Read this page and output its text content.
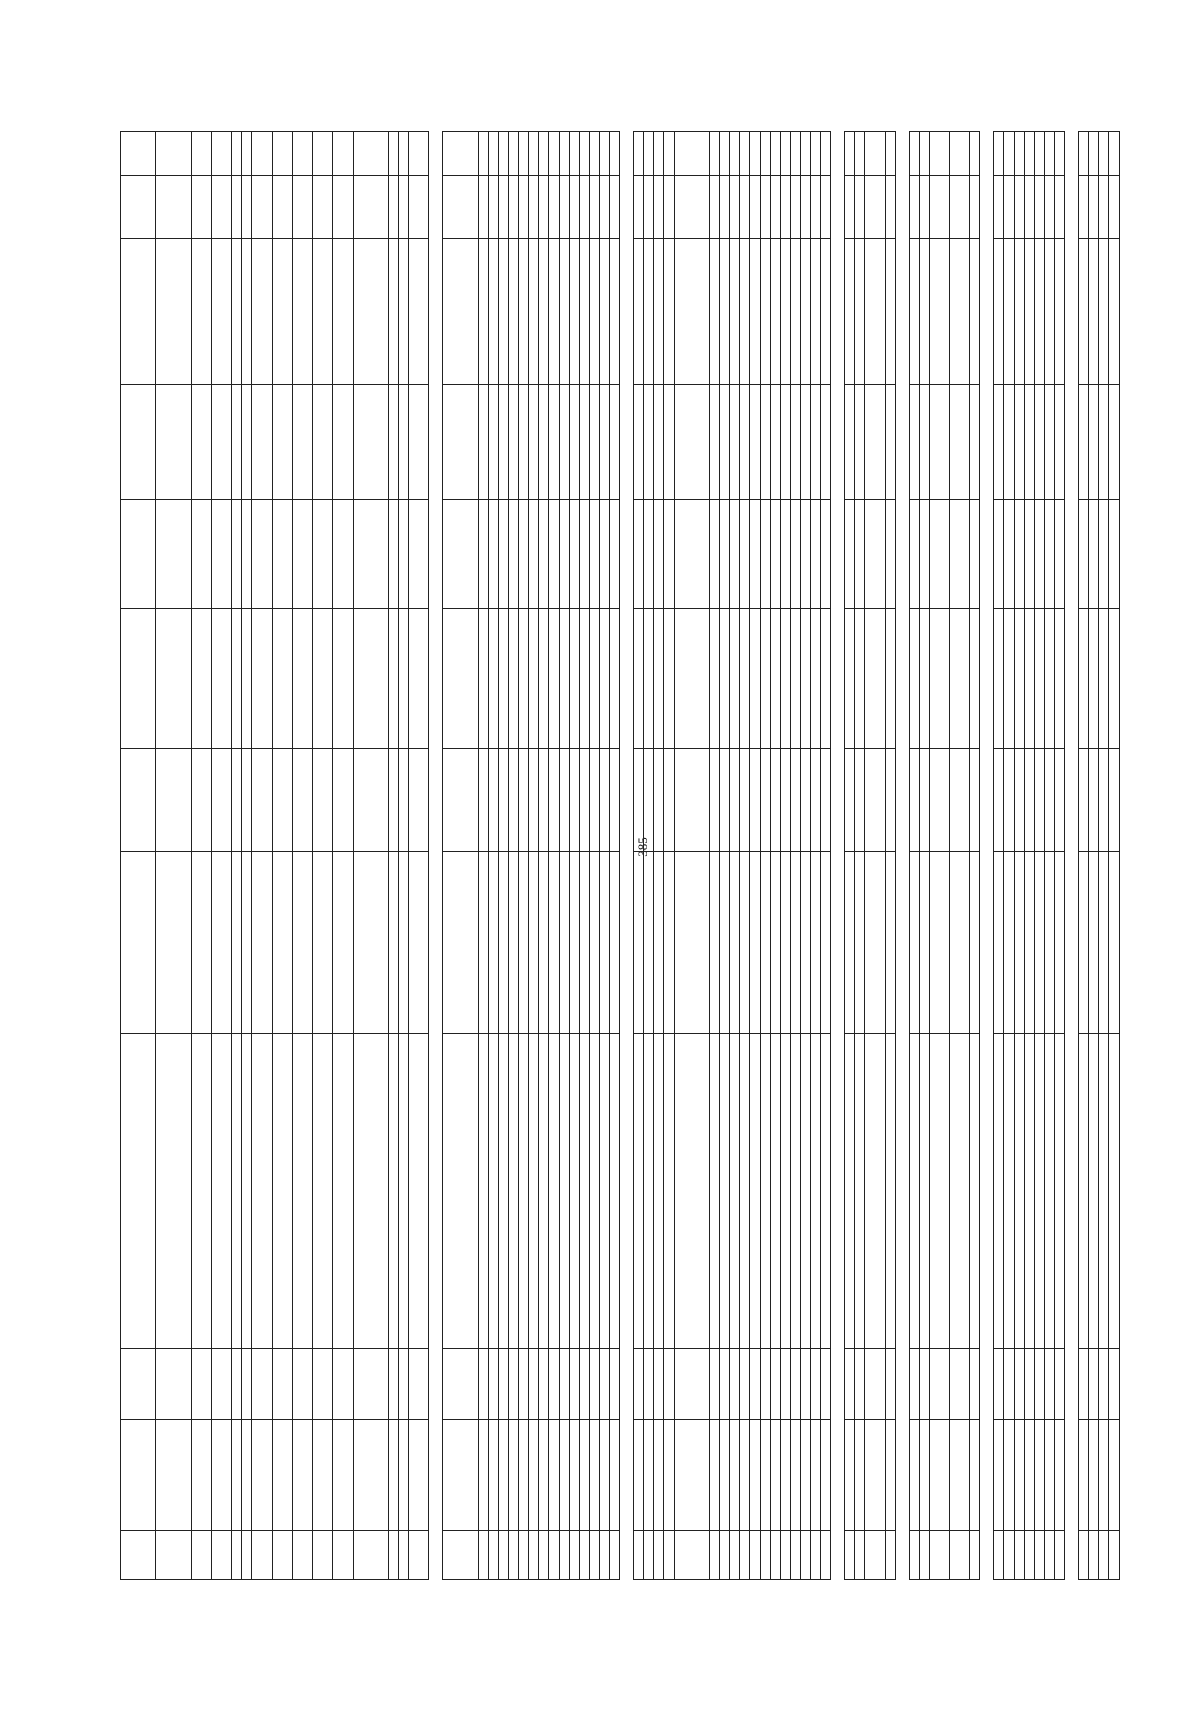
385
